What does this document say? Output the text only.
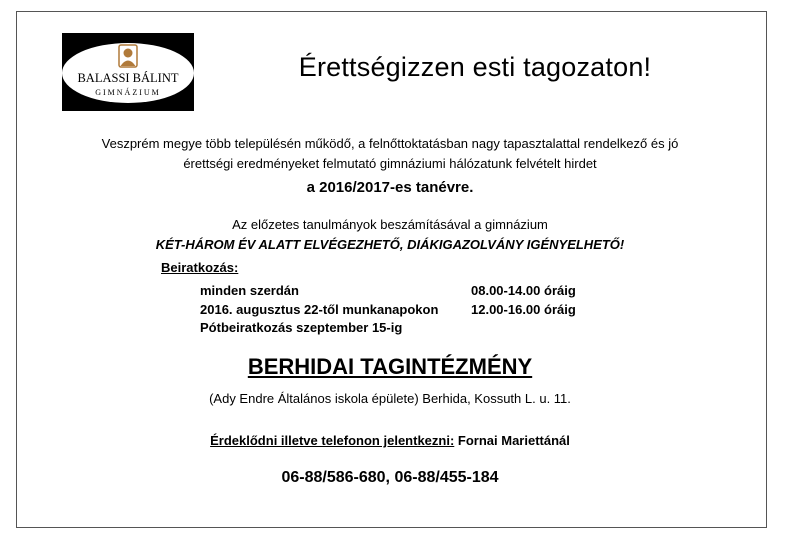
BALASSI BÁLINT
GIMNÁZIUM
Érettségizzen esti tagozaton!
Veszprém megye több településén működő, a felnőttoktatásban nagy tapasztalattal rendelkező és jó
érettségi eredményeket felmutató gimnáziumi hálózatunk felvételt hirdet
a 2016/2017-es tanévre.
Az előzetes tanulmányok beszámításával a gimnázium
KÉT-HÁROM ÉV ALATT ELVÉGEZHETŐ, DIÁKIGAZOLVÁNY IGÉNYELHETŐ!
Beiratkozás:
minden szerdán	08.00-14.00 óráig
2016. augusztus 22-től munkanapokon	12.00-16.00 óráig
Pótbeiratkozás szeptember 15-ig
BERHIDAI TAGINTÉZMÉNY
(Ady Endre Általános iskola épülete) Berhida, Kossuth L. u. 11.
Érdeklődni illetve telefonon jelentkezni: Fornai Mariettánál
06-88/586-680, 06-88/455-184
